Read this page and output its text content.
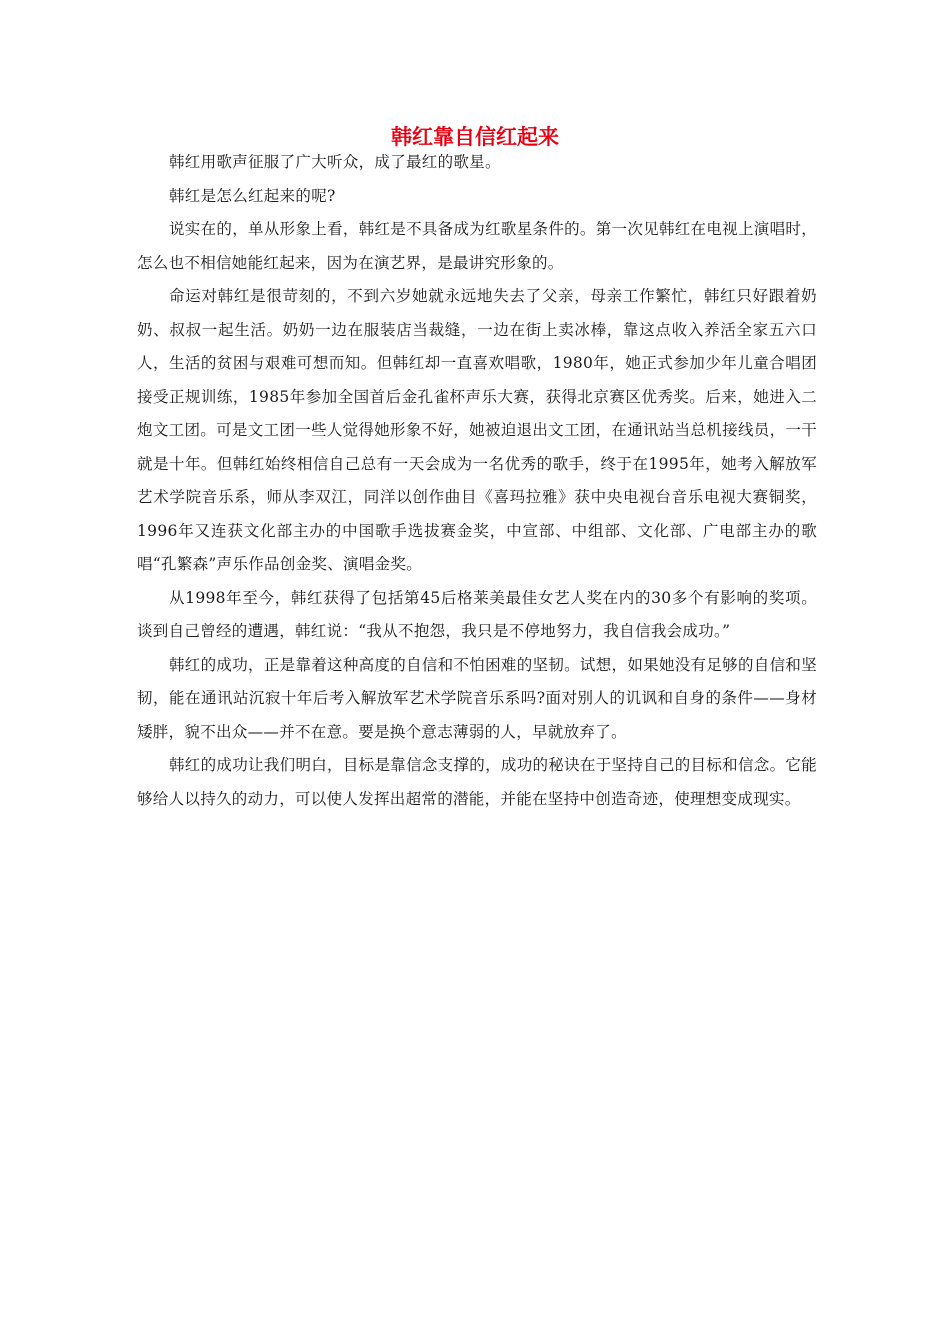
韩红靠自信红起来

韩红用歌声征服了广大听众，成了最红的歌星。

韩红是怎么红起来的呢?

说实在的，单从形象上看，韩红是不具备成为红歌星条件的。第一次见韩红在电视上演唱时，怎么也不相信她能红起来，因为在演艺界，是最讲究形象的。

命运对韩红是很苛刻的，不到六岁她就永远地失去了父亲，母亲工作繁忙，韩红只好跟着奶奶、叔叔一起生活。奶奶一边在服装店当裁缝，一边在街上卖冰棒，靠这点收入养活全家五六口人，生活的贫困与艰难可想而知。但韩红却一直喜欢唱歌，1980年，她正式参加少年儿童合唱团接受正规训练，1985年参加全国首后金孔雀杯声乐大赛，获得北京赛区优秀奖。后来，她进入二炮文工团。可是文工团一些人觉得她形象不好，她被迫退出文工团，在通讯站当总机接线员，一干就是十年。但韩红始终相信自己总有一天会成为一名优秀的歌手，终于在1995年，她考入解放军艺术学院音乐系，师从李双江，同洋以创作曲目《喜玛拉雅》获中央电视台音乐电视大赛铜奖，1996年又连获文化部主办的中国歌手选拔赛金奖，中宣部、中组部、文化部、广电部主办的歌唱“孔繁森”声乐作品创金奖、演唱金奖。

从1998年至今，韩红获得了包括第45后格莱美最佳女艺人奖在内的30多个有影响的奖项。谈到自己曾经的遭遇，韩红说：“我从不抱怨，我只是不停地努力，我自信我会成功。”

韩红的成功，正是靠着这种高度的自信和不怕困难的坚韧。试想，如果她没有足够的自信和坚韧，能在通讯站沉寂十年后考入解放军艺术学院音乐系吗?面对别人的讥讽和自身的条件——身材矮胖，貌不出众——并不在意。要是换个意志薄弱的人，早就放弃了。

韩红的成功让我们明白，目标是靠信念支撑的，成功的秘诀在于坚持自己的目标和信念。它能够给人以持久的动力，可以使人发挥出超常的潜能，并能在坚持中创造奇迹，使理想变成现实。
